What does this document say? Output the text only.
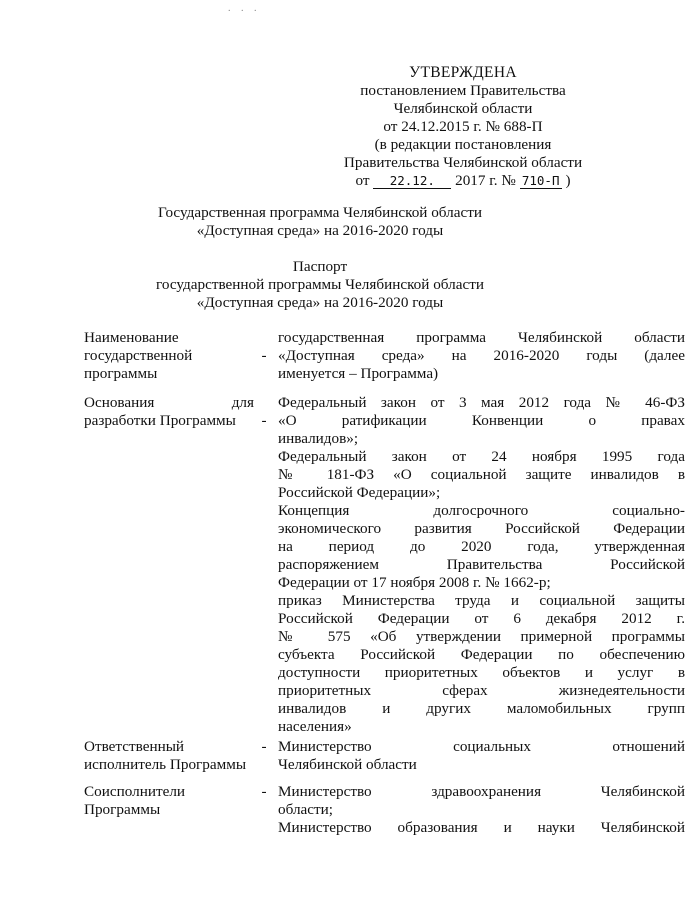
. . .
УТВЕРЖДЕНА
постановлением Правительства
Челябинской области
от 24.12.2015 г. № 688-П
(в редакции постановления
Правительства Челябинской области
от 22.12. 2017 г. № 710-П )
Государственная программа Челябинской области
«Доступная среда» на 2016-2020 годы
Паспорт
государственной программы Челябинской области
«Доступная среда» на 2016-2020 годы
Наименование
государственной
программы
-
государственная программа Челябинской области
«Доступная среда» на 2016-2020 годы (далее
именуется – Программа)
Основания	для
разработки Программы	-
Федеральный закон от 3 мая 2012 года № 46-ФЗ
«О ратификации Конвенции о правах
инвалидов»;
Федеральный закон от 24 ноября 1995 года
№ 181-ФЗ «О социальной защите инвалидов в
Российской Федерации»;
Концепция долгосрочного социально-
экономического развития Российской Федерации
на период до 2020 года, утвержденная
распоряжением Правительства Российской
Федерации от 17 ноября 2008 г. № 1662-р;
приказ Министерства труда и социальной защиты
Российской Федерации от 6 декабря 2012 г.
№ 575 «Об утверждении примерной программы
субъекта Российской Федерации по обеспечению
доступности приоритетных объектов и услуг в
приоритетных сферах жизнедеятельности
инвалидов и других маломобильных групп
населения»
Ответственный
исполнитель Программы
- Министерство социальных отношений
Челябинской области
Соисполнители
Программы
- Министерство здравоохранения Челябинской
области;
Министерство образования и науки Челябинской
